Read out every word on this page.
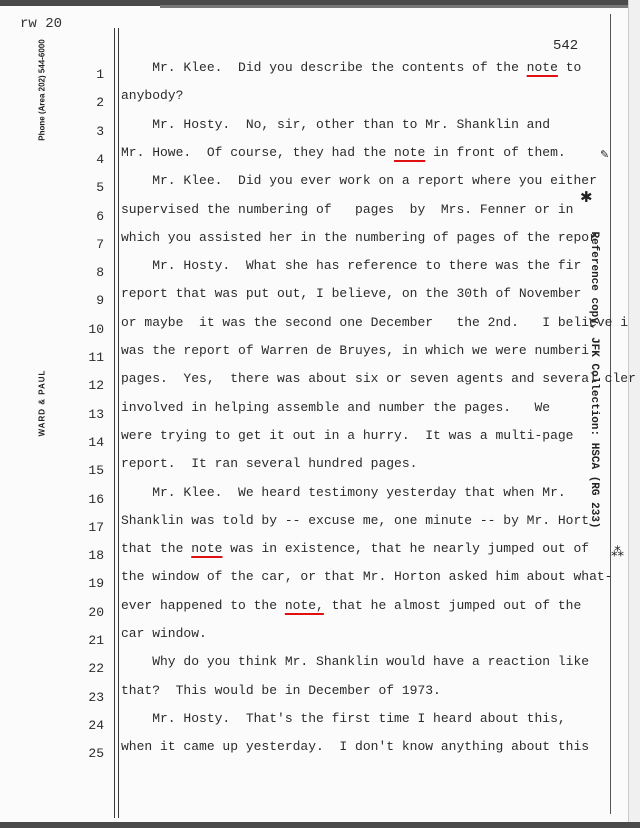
rw 20
Phone (Area 202) 544-6000
WARD & PAUL	Reference copy, JFK Collection: HSCA (RG 233)
542
1
2
3
4
5
6
7
8
9
10
11
12
13
14
15
16
17
18
19
20
21
22
23
24
25
Mr. Klee.  Did you describe the contents of the note to
anybody?
Mr. Hosty.  No, sir, other than to Mr. Shanklin and
Mr. Howe.  Of course, they had the note in front of them.
Mr. Klee.  Did you ever work on a report where you either
supervised the numbering of   pages  by  Mrs. Fenner or in
which you assisted her in the numbering of pages of the repor
Mr. Hosty.  What she has reference to there was the fir
report that was put out, I believe, on the 30th of November
or maybe  it was the second one December   the 2nd.   I believe i
was the report of Warren de Bruyes, in which we were numberi
pages.  Yes,  there was about six or seven agents and several cler
involved in helping assemble and number the pages.   We
were trying to get it out in a hurry.  It was a multi-page
report.  It ran several hundred pages.
Mr. Klee.  We heard testimony yesterday that when Mr.
Shanklin was told by -- excuse me, one minute -- by Mr. Hort
that the note was in existence, that he nearly jumped out of
the window of the car, or that Mr. Horton asked him about what-
ever happened to the note, that he almost jumped out of the
car window.
Why do you think Mr. Shanklin would have a reaction like
that?  This would be in December of 1973.
Mr. Hosty.  That's the first time I heard about this,
when it came up yesterday.  I don't know anything about this
✎
✱
⁂
